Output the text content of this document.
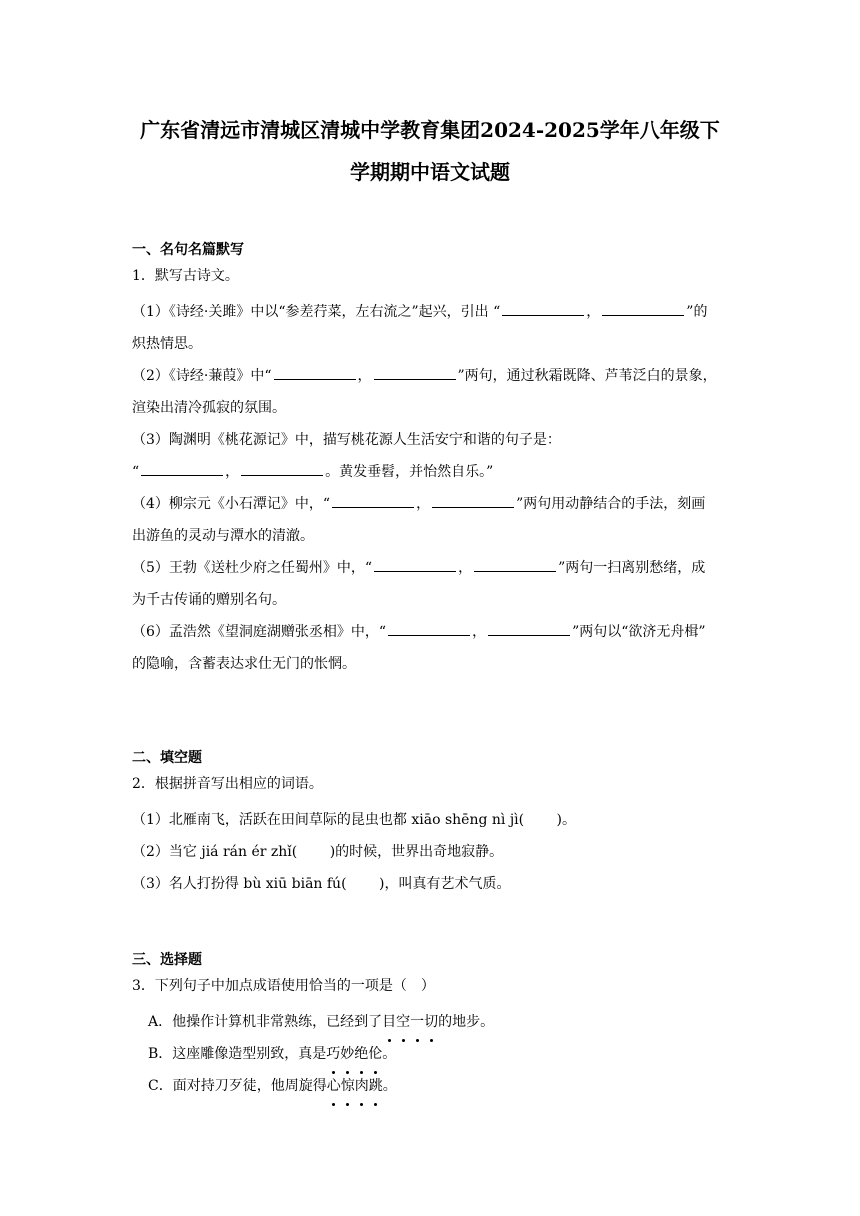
广东省清远市清城区清城中学教育集团2024-2025学年八年级下
学期期中语文试题
一、名句名篇默写
1．默写古诗文。
（1）《诗经·关雎》中以“参差荇菜，左右流之”起兴，引出 “	，	”的
炽热情思。
（2）《诗经·蒹葭》中“	，	”两句，通过秋霜既降、芦苇泛白的景象，
渲染出清冷孤寂的氛围。
（3）陶渊明《桃花源记》中，描写桃花源人生活安宁和谐的句子是：
“	，	。黄发垂髫，并怡然自乐。”
（4）柳宗元《小石潭记》中，“	，	”两句用动静结合的手法，刻画
出游鱼的灵动与潭水的清澈。
（5）王勃《送杜少府之任蜀州》中，“	，	”两句一扫离别愁绪，成
为千古传诵的赠别名句。
（6）孟浩然《望洞庭湖赠张丞相》中，“	，	”两句以“欲济无舟楫”
的隐喻，含蓄表达求仕无门的怅惘。
二、填空题
2．根据拼音写出相应的词语。
（1）北雁南飞，活跃在田间草际的昆虫也都 xiāo shēng nì jì(　　 )。
（2）当它 jiá rán ér zhǐ(　　 )的时候，世界出奇地寂静。
（3）名人打扮得 bù xiū biān fú(　　 )，叫真有艺术气质。
三、选择题
3．下列句子中加点成语使用恰当的一项是（　）
A．他操作计算机非常熟练，已经到了目空一切的地步。
B．这座雕像造型别致，真是巧妙绝伦。
C．面对持刀歹徒，他周旋得心惊肉跳。
